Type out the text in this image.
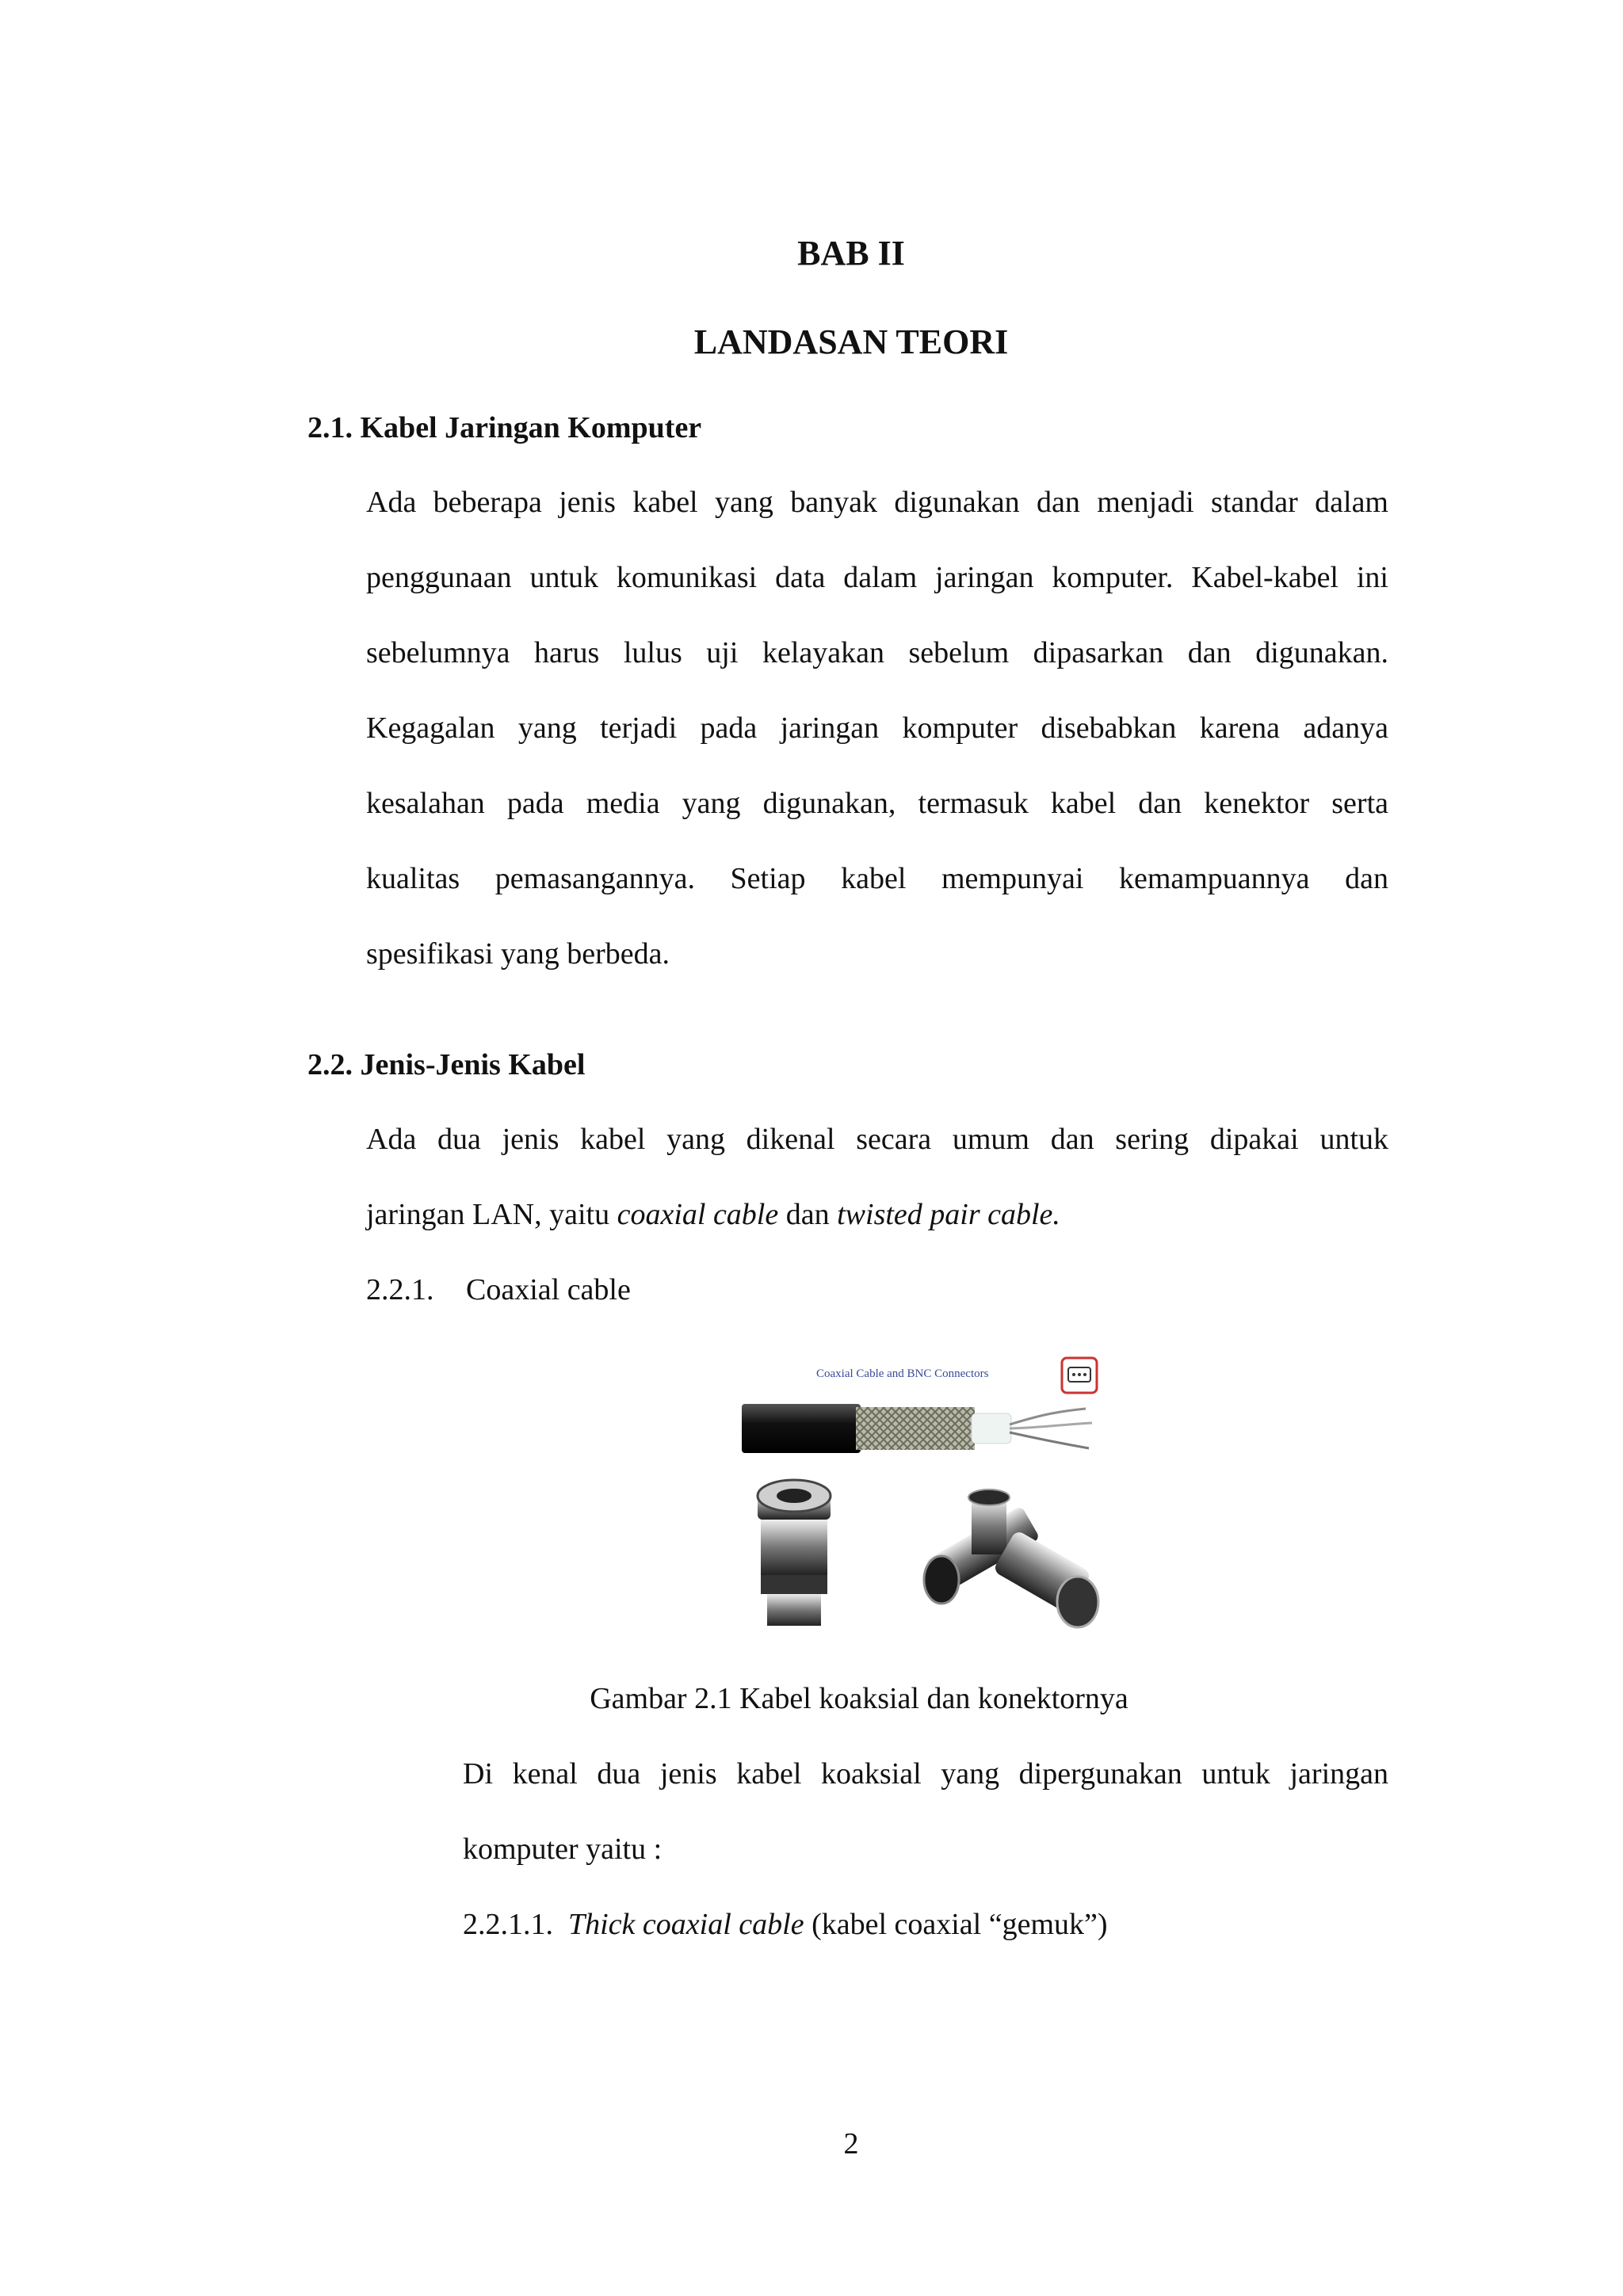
BAB II
LANDASAN TEORI
2.1. Kabel Jaringan Komputer

Ada beberapa jenis kabel yang banyak digunakan dan menjadi standar dalam

penggunaan untuk komunikasi data dalam jaringan komputer. Kabel-kabel ini

sebelumnya harus lulus uji kelayakan sebelum dipasarkan dan digunakan.

Kegagalan yang terjadi pada jaringan komputer disebabkan karena adanya

kesalahan pada media yang digunakan, termasuk kabel dan kenektor serta

kualitas pemasangannya. Setiap kabel mempunyai kemampuannya dan

spesifikasi yang berbeda.

2.2. Jenis-Jenis Kabel

Ada dua jenis kabel yang dikenal secara umum dan sering dipakai untuk

jaringan LAN, yaitu coaxial cable dan twisted pair cable.

2.2.1. Coaxial cable
Coaxial Cable and BNC Connectors
Gambar 2.1 Kabel koaksial dan konektornya

Di kenal dua jenis kabel koaksial yang dipergunakan untuk jaringan

komputer yaitu :

2.2.1.1. Thick coaxial cable (kabel coaxial “gemuk”)

2
